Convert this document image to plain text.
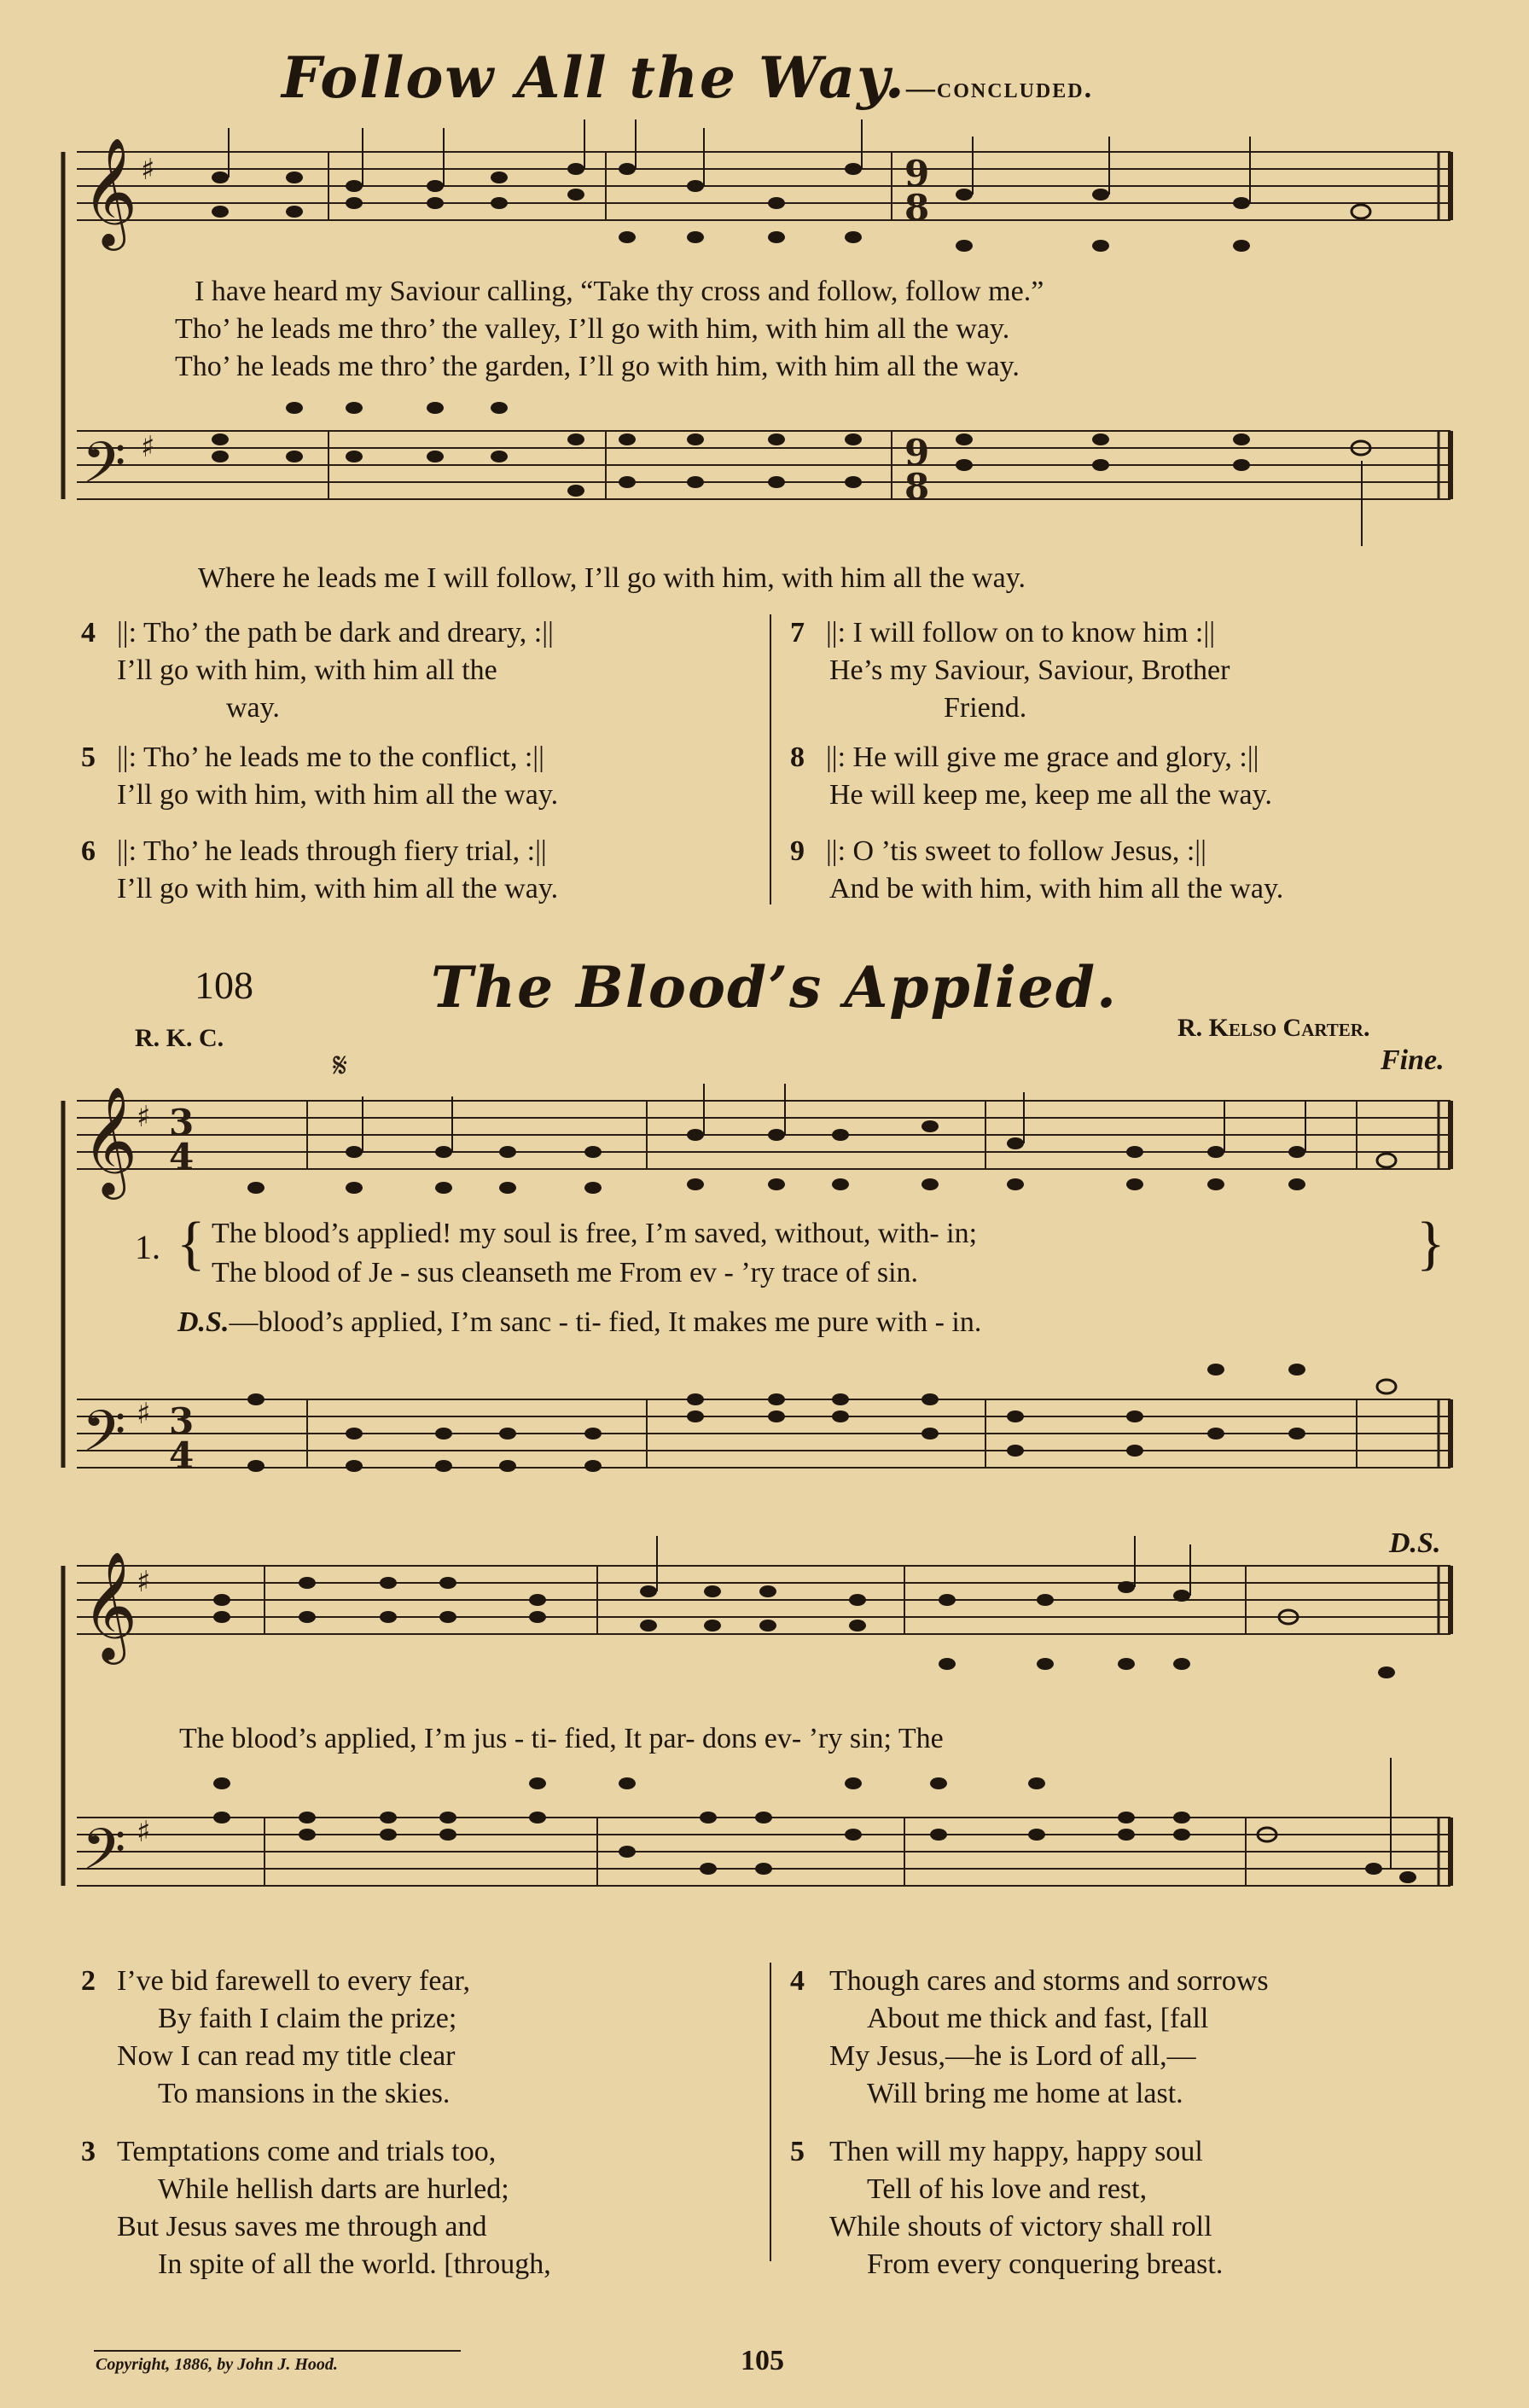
𝄞
𝄢
♯
♯
9
8
9
8
𝄞
♯ 3
4
𝄢 ♯ 3
4
𝄋
𝄞
♯
𝄢 ♯
Follow All the Way.—concluded.
I have heard my Saviour calling, “Take thy cross and follow, follow me.”
Tho’ he leads me thro’ the valley, I’ll go with him, with him all the way.
Tho’ he leads me thro’ the garden, I’ll go with him, with him all the way.
Where he leads me I will follow, I’ll go with him, with him all the way.
4 ||: Tho’ the path be dark and dreary, :||
I’ll go with him, with him all the
way.
5 ||: Tho’ he leads me to the conflict, :||
I’ll go with him, with him all the way.
6 ||: Tho’ he leads through fiery trial, :||
I’ll go with him, with him all the way.
7 ||: I will follow on to know him :||
He’s my Saviour, Saviour, Brother
Friend.
8 ||: He will give me grace and glory, :||
He will keep me, keep me all the way.
9 ||: O ’tis sweet to follow Jesus, :||
And be with him, with him all the way.
108	The Blood’s Applied.
R. K. C.	R. Kelso Carter.
Fine.
1. {	}
The blood’s applied! my soul is free, I’m saved, without, with- in;
The blood of Je - sus cleanseth me From ev - ’ry trace of sin.
D.S.—blood’s applied, I’m sanc - ti- fied, It makes me pure with - in.
D.S.
The blood’s applied, I’m jus - ti- fied, It par- dons ev- ’ry sin; The
2 I’ve bid farewell to every fear,
By faith I claim the prize;
Now I can read my title clear
To mansions in the skies.
3 Temptations come and trials too,
While hellish darts are hurled;
But Jesus saves me through and
In spite of all the world. [through,
4 Though cares and storms and sorrows
About me thick and fast, [fall
My Jesus,—he is Lord of all,—
Will bring me home at last.
5 Then will my happy, happy soul
Tell of his love and rest,
While shouts of victory shall roll
From every conquering breast.
Copyright, 1886, by John J. Hood.	105
